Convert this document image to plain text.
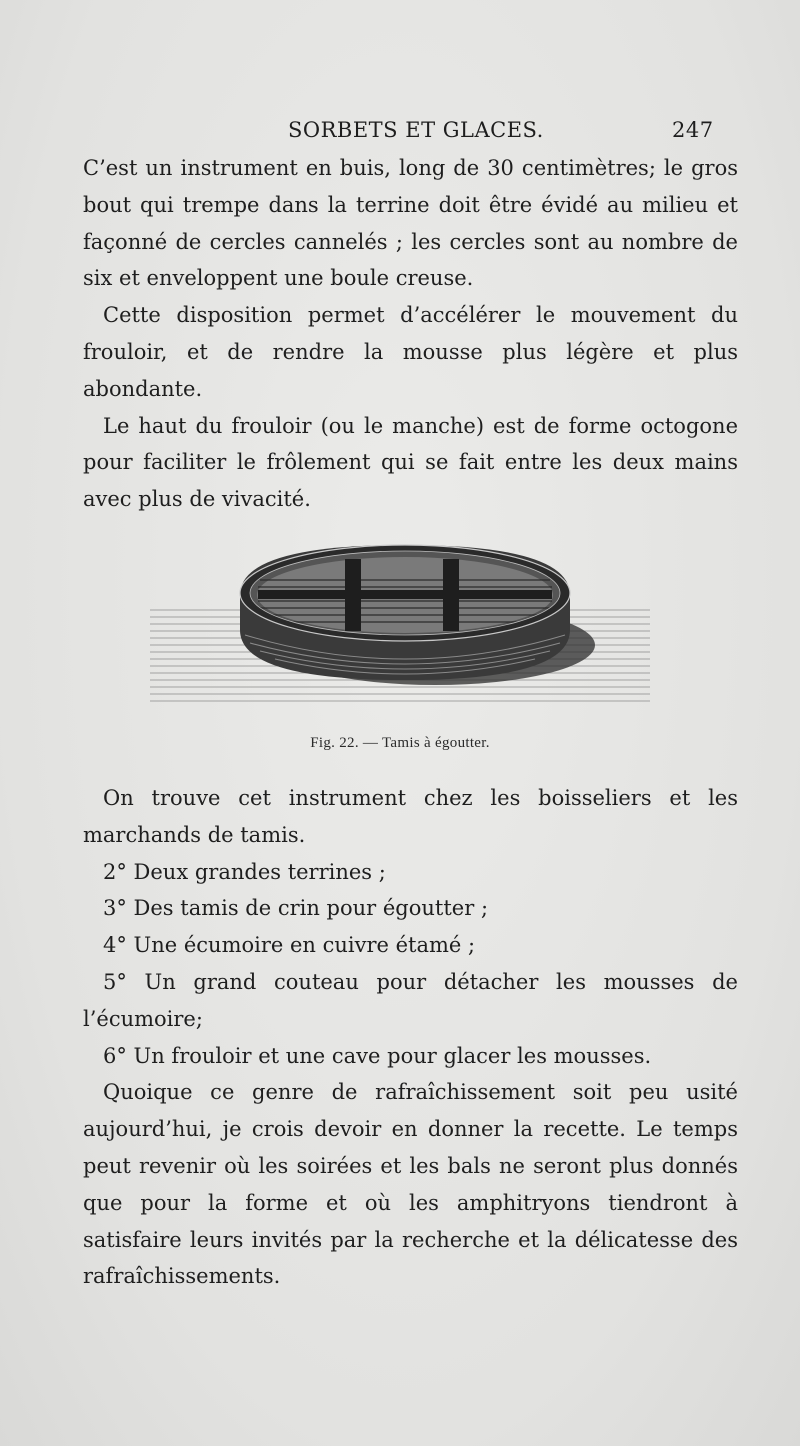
SORBETS ET GLACES.	247

C’est un instrument en buis, long de 30 centimètres; le gros bout qui trempe dans la terrine doit être évidé au milieu et façonné de cercles cannelés ; les cercles sont au nombre de six et enveloppent une boule creuse.

Cette disposition permet d’accélérer le mouvement du frouloir, et de rendre la mousse plus légère et plus abondante.

Le haut du frouloir (ou le manche) est de forme octogone pour faciliter le frôlement qui se fait entre les deux mains avec plus de vivacité.

Fig. 22. — Tamis à égoutter.

On trouve cet instrument chez les boisseliers et les marchands de tamis.

2° Deux grandes terrines ;

3° Des tamis de crin pour égoutter ;

4° Une écumoire en cuivre étamé ;

5° Un grand couteau pour détacher les mousses de l’écumoire;

6° Un frouloir et une cave pour glacer les mousses.

Quoique ce genre de rafraîchissement soit peu usité aujourd’hui, je crois devoir en donner la recette. Le temps peut revenir où les soirées et les bals ne seront plus donnés que pour la forme et où les amphitryons tiendront à satisfaire leurs invités par la recherche et la délicatesse des rafraîchissements.
